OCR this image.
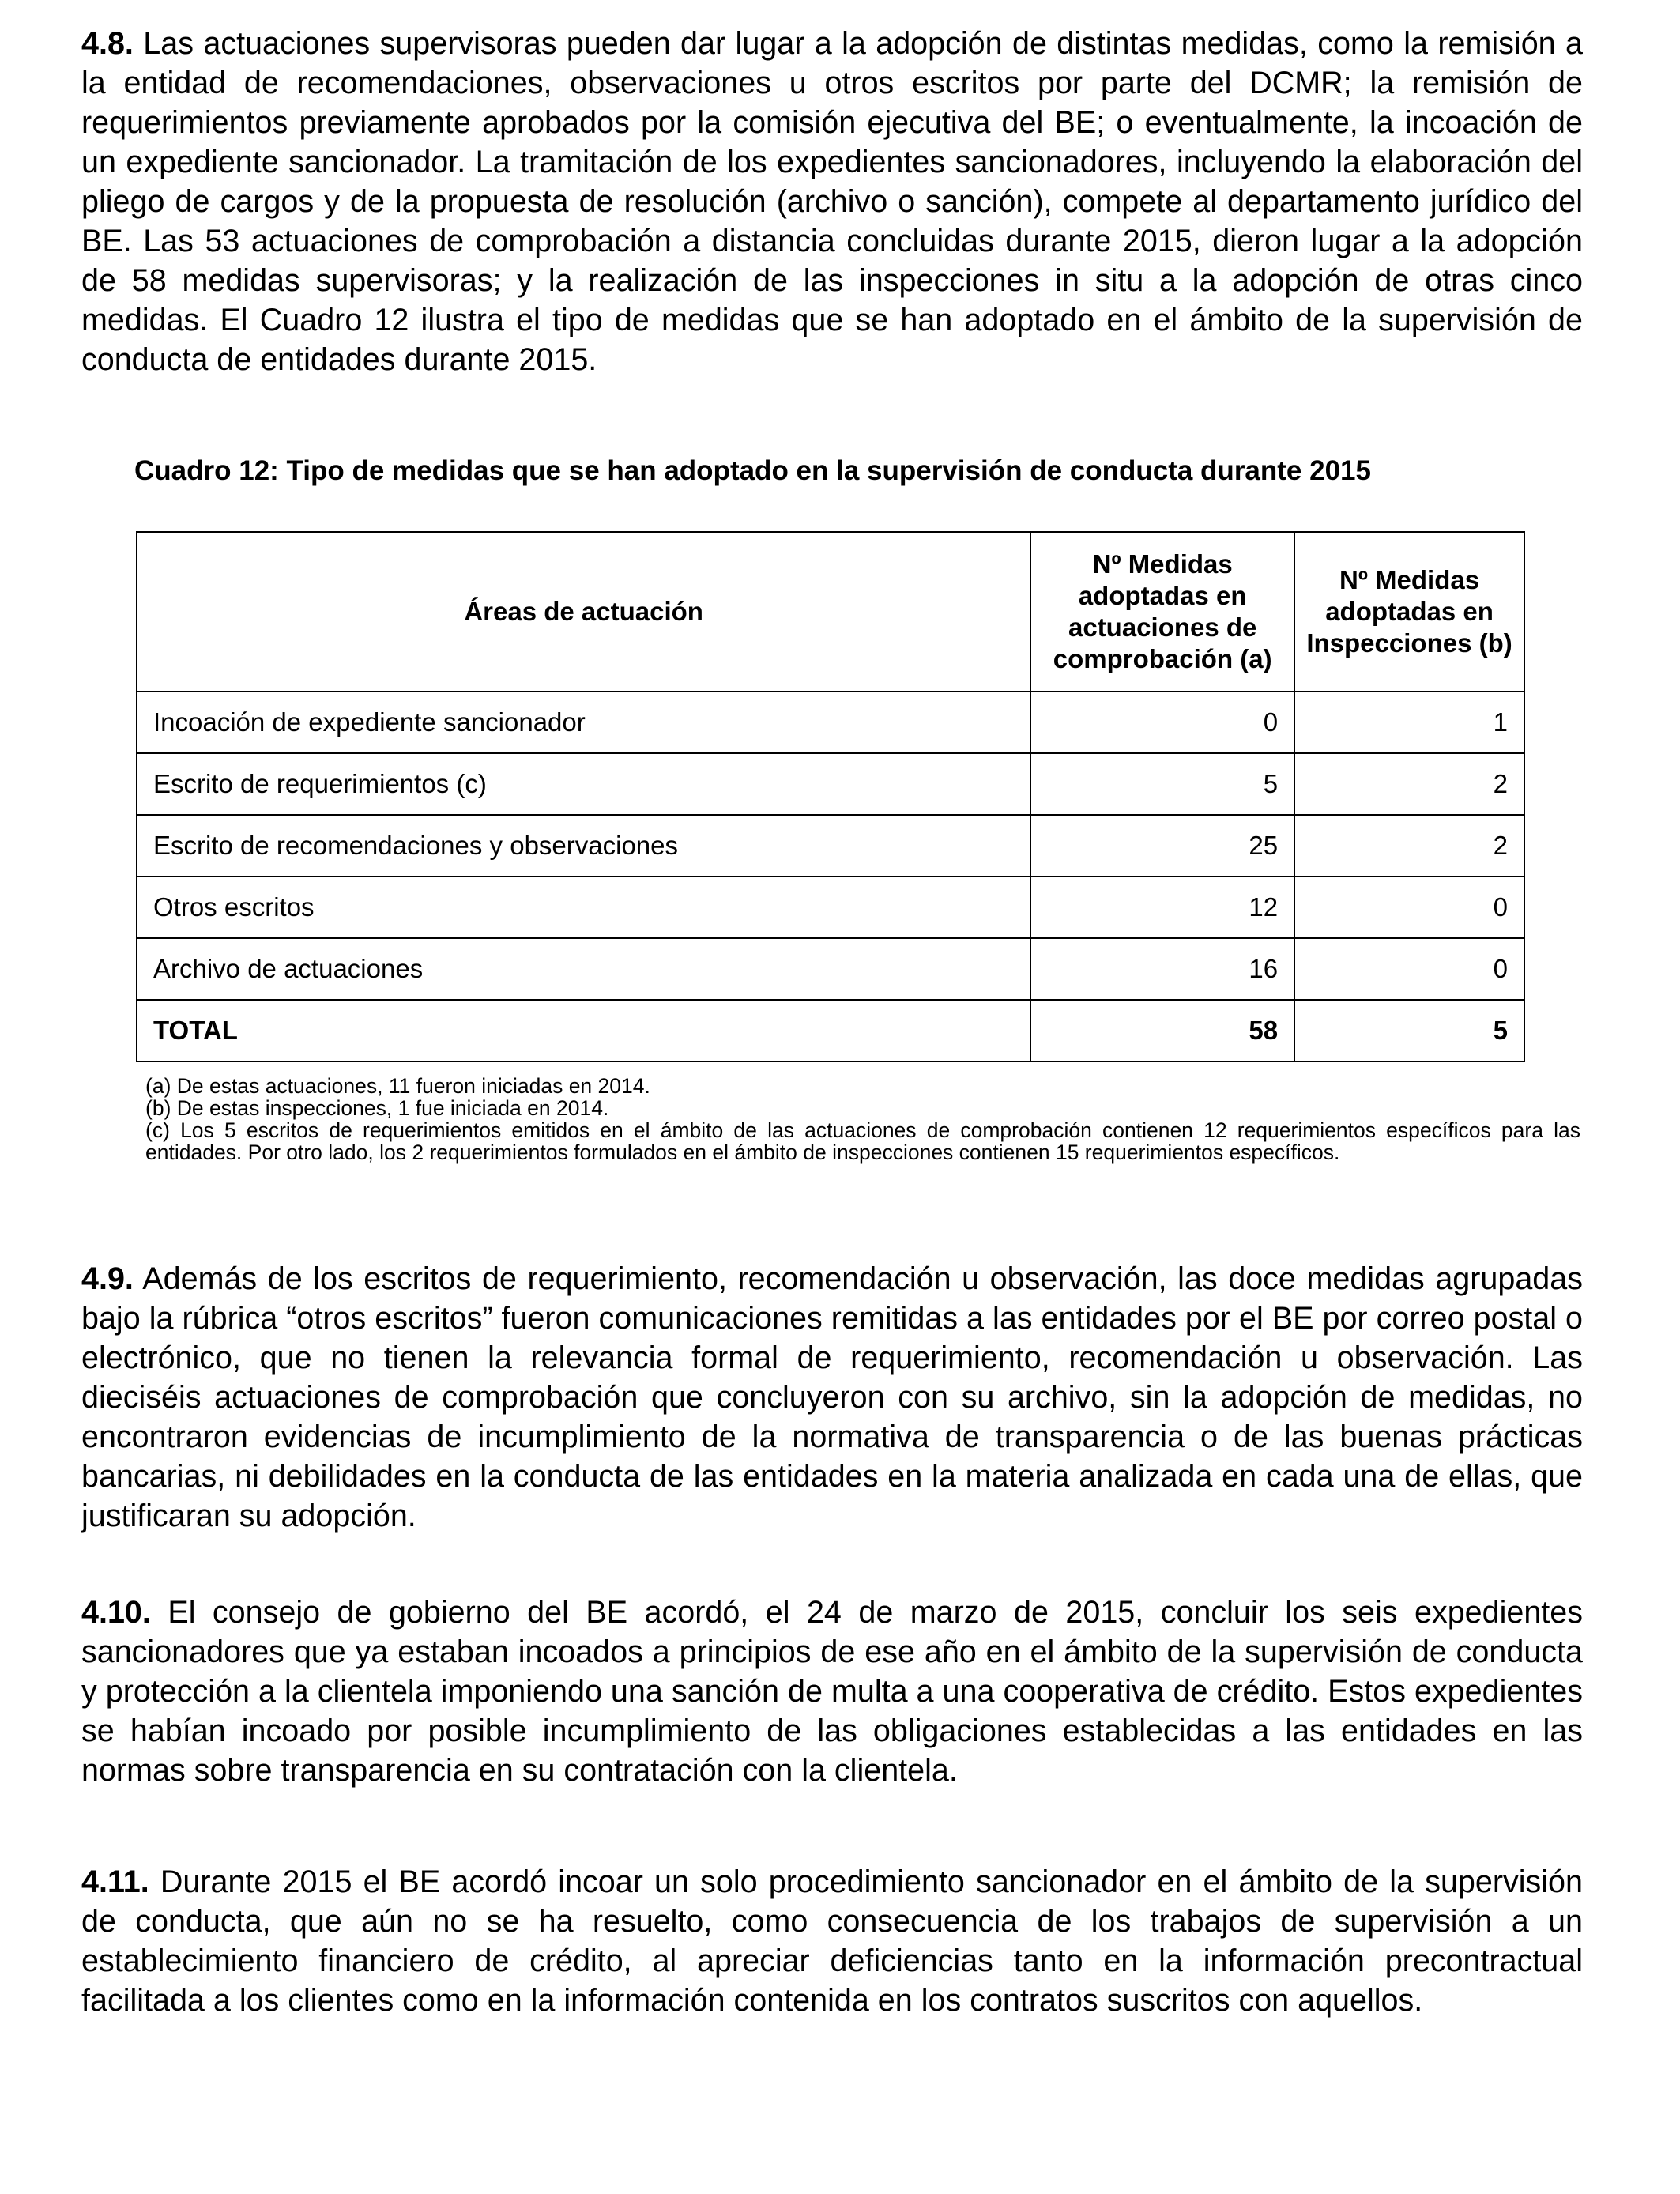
4.8. Las actuaciones supervisoras pueden dar lugar a la adopción de distintas medidas, como la remisión a la entidad de recomendaciones, observaciones u otros escritos por parte del DCMR; la remisión de requerimientos previamente aprobados por la comisión ejecutiva del BE; o eventualmente, la incoación de un expediente sancionador. La tramitación de los expedientes sancionadores, incluyendo la elaboración del pliego de cargos y de la propuesta de resolución (archivo o sanción), compete al departamento jurídico del BE. Las 53 actuaciones de comprobación a distancia concluidas durante 2015, dieron lugar a la adopción de 58 medidas supervisoras; y la realización de las inspecciones in situ a la adopción de otras cinco medidas. El Cuadro 12 ilustra el tipo de medidas que se han adoptado en el ámbito de la supervisión de conducta de entidades durante 2015.

4.9. Además de los escritos de requerimiento, recomendación u observación, las doce medidas agrupadas bajo la rúbrica “otros escritos” fueron comunicaciones remitidas a las entidades por el BE por correo postal o electrónico, que no tienen la relevancia formal de requerimiento, recomendación u observación. Las dieciséis actuaciones de comprobación que concluyeron con su archivo, sin la adopción de medidas, no encontraron evidencias de incumplimiento de la normativa de transparencia o de las buenas prácticas bancarias, ni debilidades en la conducta de las entidades en la materia analizada en cada una de ellas, que justificaran su adopción.

4.10. El consejo de gobierno del BE acordó, el 24 de marzo de 2015, concluir los seis expedientes sancionadores que ya estaban incoados a principios de ese año en el ámbito de la supervisión de conducta y protección a la clientela imponiendo una sanción de multa a una cooperativa de crédito. Estos expedientes se habían incoado por posible incumplimiento de las obligaciones establecidas a las entidades en las normas sobre transparencia en su contratación con la clientela.

4.11. Durante 2015 el BE acordó incoar un solo procedimiento sancionador en el ámbito de la supervisión de conducta, que aún no se ha resuelto, como consecuencia de los trabajos de supervisión a un establecimiento financiero de crédito, al apreciar deficiencias tanto en la información precontractual facilitada a los clientes como en la información contenida en los contratos suscritos con aquellos.

Cuadro 12: Tipo de medidas que se han adoptado en la supervisión de conducta durante 2015

Áreas de actuación	Nº Medidas adoptadas en actuaciones de comprobación (a)	Nº Medidas adoptadas en Inspecciones (b)
Incoación de expediente sancionador	0	1
Escrito de requerimientos (c)	5	2
Escrito de recomendaciones y observaciones	25	2
Otros escritos	12	0
Archivo de actuaciones	16	0
TOTAL	58	5

(a) De estas actuaciones, 11 fueron iniciadas en 2014.

(b) De estas inspecciones, 1 fue iniciada en 2014.

(c) Los 5 escritos de requerimientos emitidos en el ámbito de las actuaciones de comprobación contienen 12 requerimientos específicos para las entidades. Por otro lado, los 2 requerimientos formulados en el ámbito de inspecciones contienen 15 requerimientos específicos.
